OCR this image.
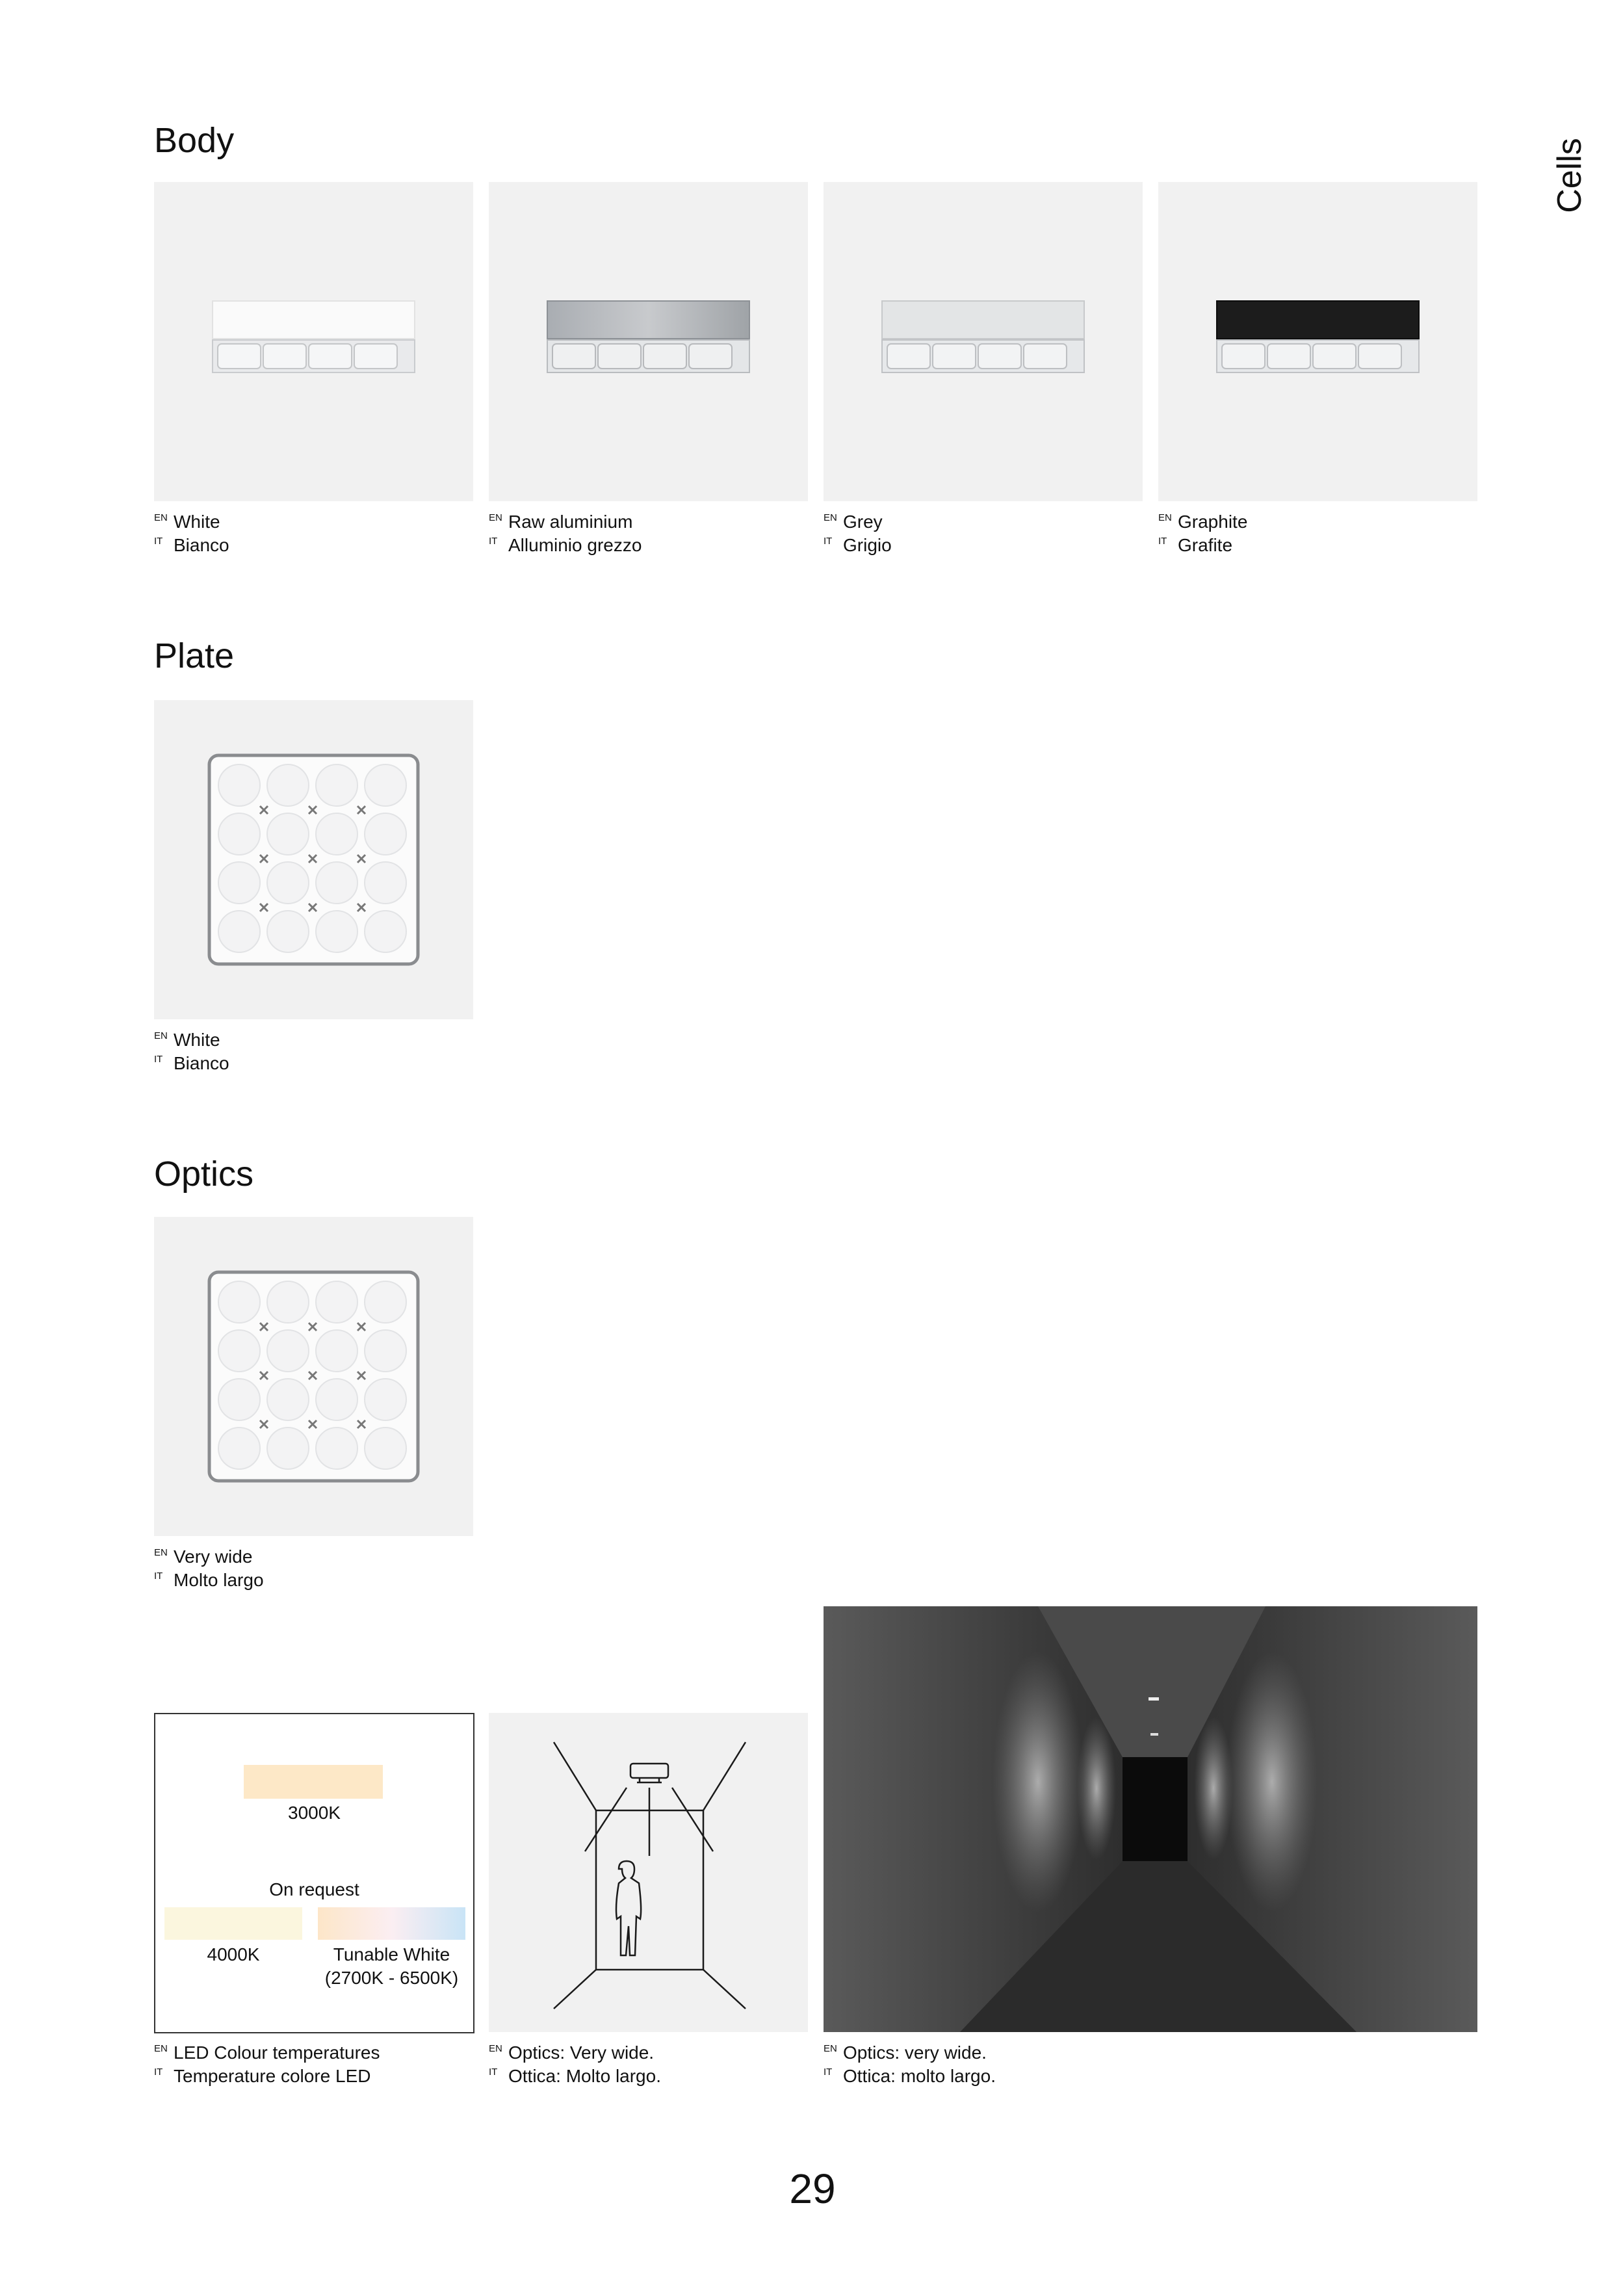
Cells
Body
EN White
IT Bianco
EN Raw aluminium
IT Alluminio grezzo
EN Grey
IT Grigio
EN Graphite
IT Grafite
Plate
EN White
IT Bianco
Optics
EN Very wide
IT Molto largo
3000K
On request
4000K	Tunable White
(2700K - 6500K)
EN LED Colour temperatures
IT Temperature colore LED
EN Optics: Very wide.
IT Ottica: Molto largo.
EN Optics: very wide.
IT Ottica: molto largo.
29
